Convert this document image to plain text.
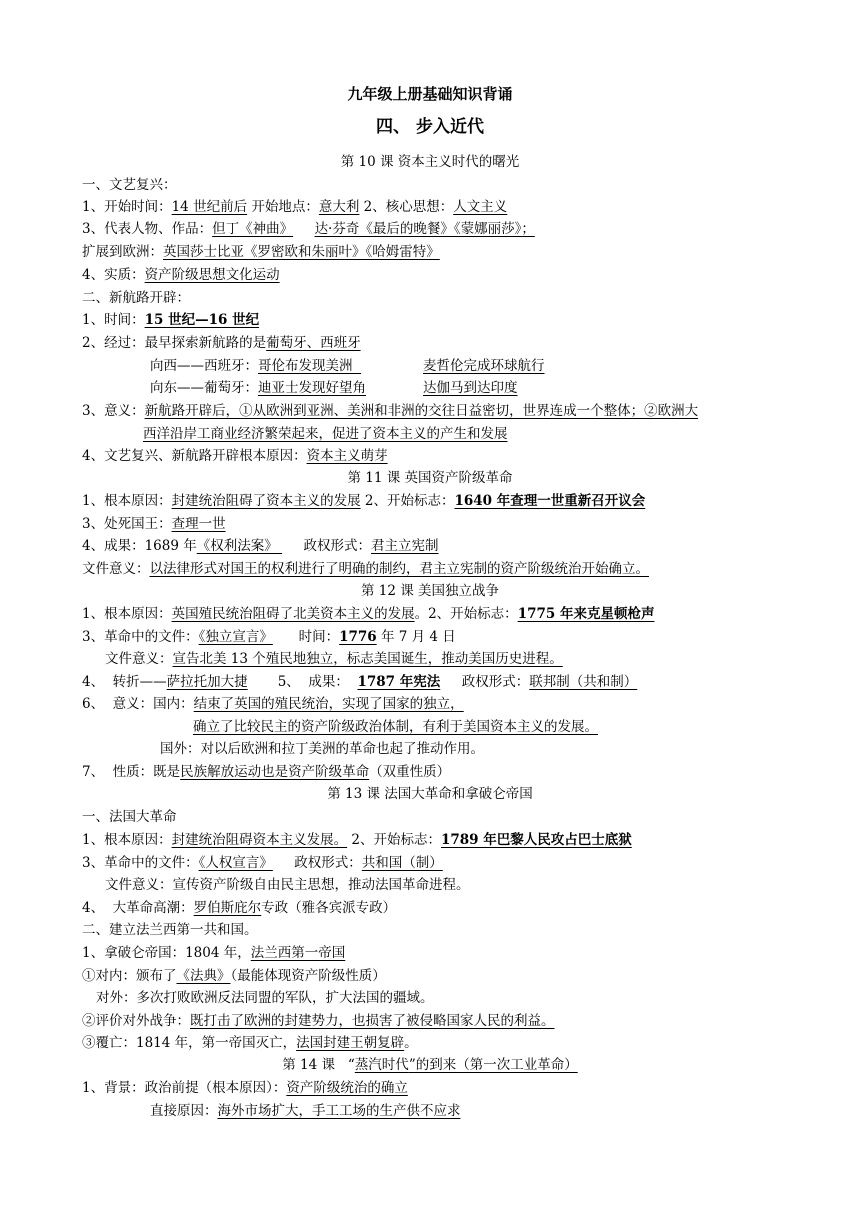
九年级上册基础知识背诵
四、 步入近代
第 10 课 资本主义时代的曙光
一、文艺复兴：
1、开始时间：14 世纪前后 开始地点：意大利 2、核心思想：人文主义
3、代表人物、作品：但丁《神曲》 达·芬奇《最后的晚餐》《蒙娜丽莎》；
扩展到欧洲：英国莎士比亚《罗密欧和朱丽叶》《哈姆雷特》
4、实质：资产阶级思想文化运动
二、新航路开辟：
1、时间：15 世纪—16 世纪
2、经过：最早探索新航路的是葡萄牙、西班牙
向西——西班牙：哥伦布发现美洲	麦哲伦完成环球航行
向东——葡萄牙：迪亚士发现好望角	达伽马到达印度
3、意义：新航路开辟后，①从欧洲到亚洲、美洲和非洲的交往日益密切，世界连成一个整体；②欧洲大
西洋沿岸工商业经济繁荣起来，促进了资本主义的产生和发展
4、文艺复兴、新航路开辟根本原因：资本主义萌芽
第 11 课 英国资产阶级革命
1、根本原因：封建统治阻碍了资本主义的发展 2、开始标志：1640 年查理一世重新召开议会
3、处死国王：查理一世
4、成果：1689 年《权利法案》      政权形式：君主立宪制
文件意义：以法律形式对国王的权利进行了明确的制约，君主立宪制的资产阶级统治开始确立。
第 12 课 美国独立战争
1、根本原因：英国殖民统治阻碍了北美资本主义的发展。2、开始标志：1775 年来克星顿枪声
3、革命中的文件：《独立宣言》      时间：1776 年 7 月 4 日
文件意义：宣告北美 13 个殖民地独立，标志美国诞生，推动美国历史进程。
4、  转折——萨拉托加大捷       5、  成果：  1787 年宪法     政权形式：联邦制（共和制）
6、  意义：国内：结束了英国的殖民统治，实现了国家的独立，
确立了比较民主的资产阶级政治体制，有利于美国资本主义的发展。
国外：对以后欧洲和拉丁美洲的革命也起了推动作用。
7、  性质：既是民族解放运动也是资产阶级革命（双重性质）
第 13 课 法国大革命和拿破仑帝国
一、法国大革命
1、根本原因：封建统治阻碍资本主义发展。 2、开始标志：1789 年巴黎人民攻占巴士底狱
3、革命中的文件：《人权宣言》     政权形式：共和国（制）
文件意义：宣传资产阶级自由民主思想，推动法国革命进程。
4、  大革命高潮：罗伯斯庇尔专政（雅各宾派专政）
二、建立法兰西第一共和国。
1、拿破仑帝国：1804 年，法兰西第一帝国
①对内：颁布了《法典》（最能体现资产阶级性质）
对外：多次打败欧洲反法同盟的军队，扩大法国的疆域。
②评价对外战争：既打击了欧洲的封建势力，也损害了被侵略国家人民的利益。
③覆亡：1814 年，第一帝国灭亡，法国封建王朝复辟。
第 14 课   “蒸汽时代”的到来（第一次工业革命）
1、背景：政治前提（根本原因）：资产阶级统治的确立
直接原因：海外市场扩大，手工工场的生产供不应求
